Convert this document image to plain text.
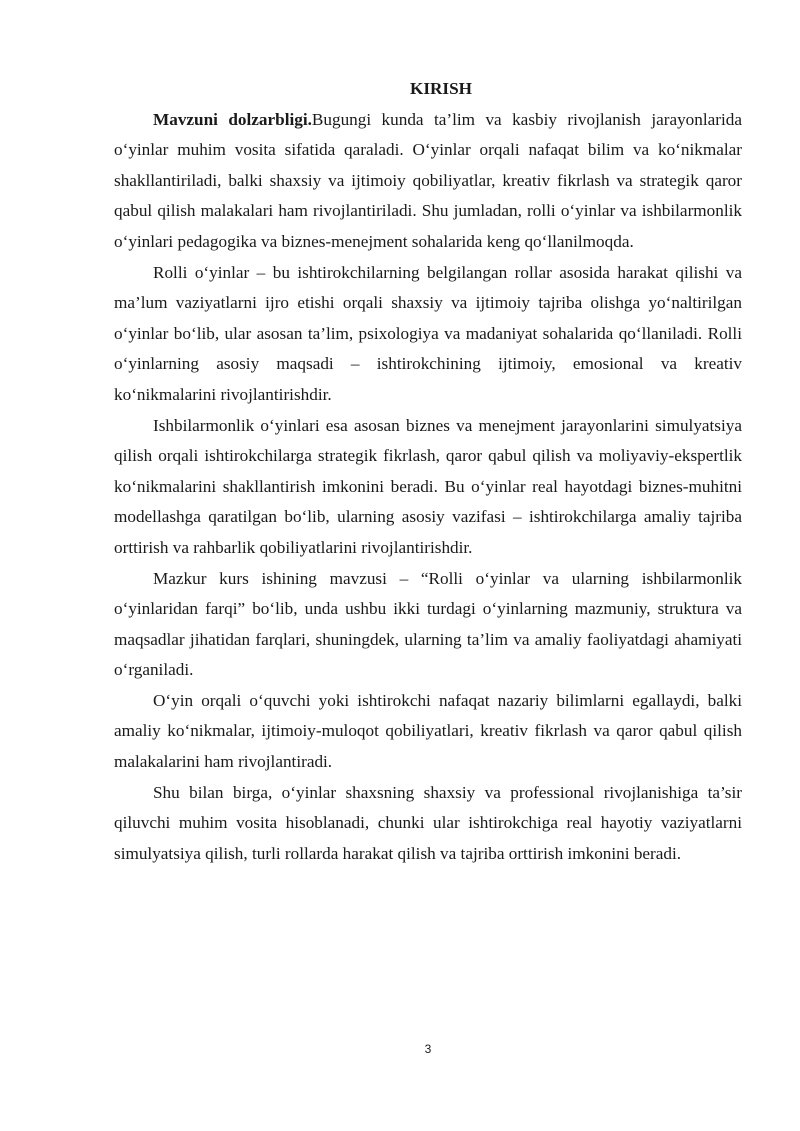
KIRISH

Mavzuni dolzarbligi.Bugungi kunda ta’lim va kasbiy rivojlanish jarayonlarida o‘yinlar muhim vosita sifatida qaraladi. O‘yinlar orqali nafaqat bilim va ko‘nikmalar shakllantiriladi, balki shaxsiy va ijtimoiy qobiliyatlar, kreativ fikrlash va strategik qaror qabul qilish malakalari ham rivojlantiriladi. Shu jumladan, rolli o‘yinlar va ishbilarmonlik o‘yinlari pedagogika va biznes-menejment sohalarida keng qo‘llanilmoqda.

Rolli o‘yinlar – bu ishtirokchilarning belgilangan rollar asosida harakat qilishi va ma’lum vaziyatlarni ijro etishi orqali shaxsiy va ijtimoiy tajriba olishga yo‘naltirilgan o‘yinlar bo‘lib, ular asosan ta’lim, psixologiya va madaniyat sohalarida qo‘llaniladi. Rolli o‘yinlarning asosiy maqsadi – ishtirokchining ijtimoiy, emosional va kreativ ko‘nikmalarini rivojlantirishdir.

Ishbilarmonlik o‘yinlari esa asosan biznes va menejment jarayonlarini simulyatsiya qilish orqali ishtirokchilarga strategik fikrlash, qaror qabul qilish va moliyaviy-ekspertlik ko‘nikmalarini shakllantirish imkonini beradi. Bu o‘yinlar real hayotdagi biznes-muhitni modellashga qaratilgan bo‘lib, ularning asosiy vazifasi – ishtirokchilarga amaliy tajriba orttirish va rahbarlik qobiliyatlarini rivojlantirishdir.

Mazkur kurs ishining mavzusi – “Rolli o‘yinlar va ularning ishbilarmonlik o‘yinlaridan farqi” bo‘lib, unda ushbu ikki turdagi o‘yinlarning mazmuniy, struktura va maqsadlar jihatidan farqlari, shuningdek, ularning ta’lim va amaliy faoliyatdagi ahamiyati o‘rganiladi.

O‘yin orqali o‘quvchi yoki ishtirokchi nafaqat nazariy bilimlarni egallaydi, balki amaliy ko‘nikmalar, ijtimoiy-muloqot qobiliyatlari, kreativ fikrlash va qaror qabul qilish malakalarini ham rivojlantiradi.

Shu bilan birga, o‘yinlar shaxsning shaxsiy va professional rivojlanishiga ta’sir qiluvchi muhim vosita hisoblanadi, chunki ular ishtirokchiga real hayotiy vaziyatlarni simulyatsiya qilish, turli rollarda harakat qilish va tajriba orttirish imkonini beradi.

3
